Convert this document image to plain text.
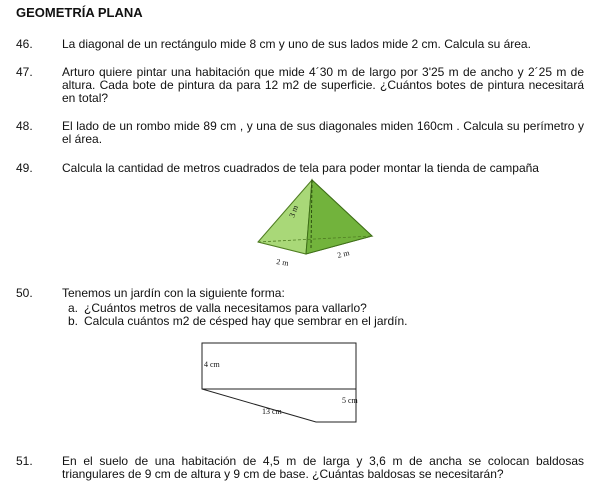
GEOMETRÍA PLANA
46. La diagonal de un rectángulo mide 8 cm y uno de sus lados mide 2 cm. Calcula su área.
47. Arturo quiere pintar una habitación que mide 4´30 m de largo por 3'25 m de ancho y 2´25 m de altura. Cada bote de pintura da para 12 m2 de superficie. ¿Cuántos botes de pintura necesitará en total?
48. El lado de un rombo mide 89 cm , y una de sus diagonales miden 160cm . Calcula su perímetro y el área.
49. Calcula la cantidad de metros cuadrados de tela para poder montar la tienda de campaña
3 m
2 m
2 m
50. Tenemos un jardín con la siguiente forma:
a. ¿Cuántos metros de valla necesitamos para vallarlo?
b. Calcula cuántos m2 de césped hay que sembrar en el jardín.
4 cm
5 cm
13 cm
51. En el suelo de una habitación de 4,5 m de larga y 3,6 m de ancha se colocan baldosas triangulares de 9 cm de altura y 9 cm de base. ¿Cuántas baldosas se necesitarán?
